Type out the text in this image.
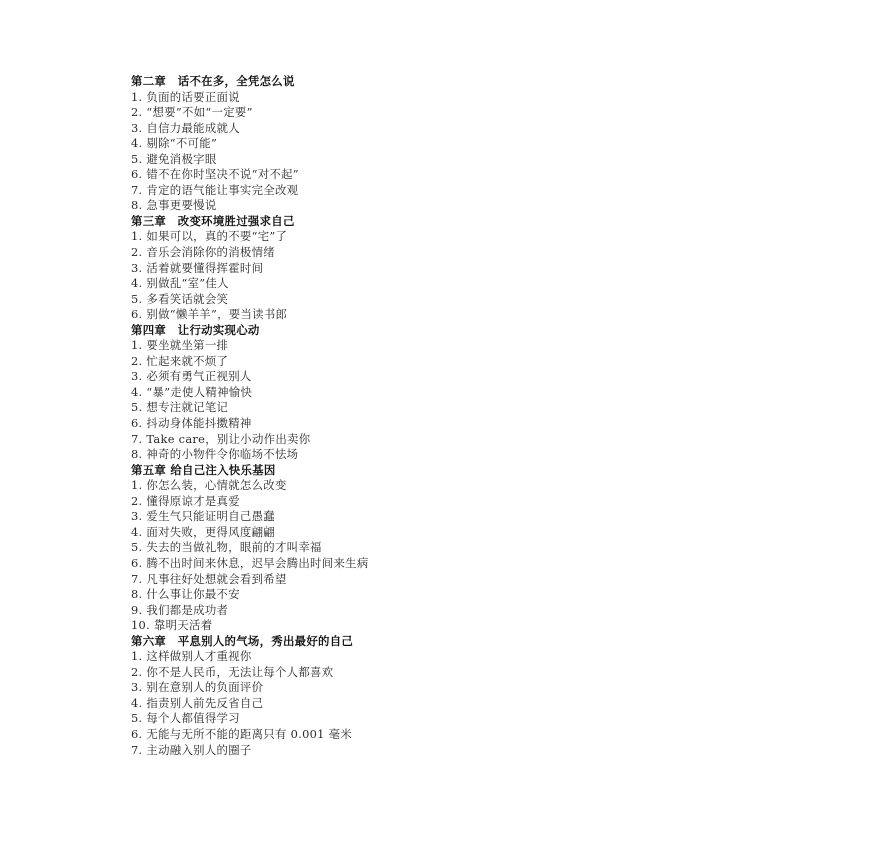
第二章　话不在多，全凭怎么说
1. 负面的话要正面说
2. “想要”不如“一定要”
3. 自信力最能成就人
4. 剔除“不可能”
5. 避免消极字眼
6. 错不在你时坚决不说“对不起”
7. 肯定的语气能让事实完全改观
8. 急事更要慢说
第三章　改变环境胜过强求自己
1. 如果可以，真的不要“宅”了
2. 音乐会消除你的消极情绪
3. 活着就要懂得挥霍时间
4. 别做乱“室”佳人
5. 多看笑话就会笑
6. 别做“懒羊羊”，要当读书郎
第四章　让行动实现心动
1. 要坐就坐第一排
2. 忙起来就不烦了
3. 必须有勇气正视别人
4. “暴”走使人精神愉快
5. 想专注就记笔记
6. 抖动身体能抖擞精神
7. Take care，别让小动作出卖你
8. 神奇的小物件令你临场不怯场
第五章 给自己注入快乐基因
1. 你怎么装，心情就怎么改变
2. 懂得原谅才是真爱
3. 爱生气只能证明自己愚蠢
4. 面对失败，更得风度翩翩
5. 失去的当做礼物，眼前的才叫幸福
6. 腾不出时间来休息，迟早会腾出时间来生病
7. 凡事往好处想就会看到希望
8. 什么事让你最不安
9. 我们都是成功者
10. 靠明天活着
第六章　平息别人的气场，秀出最好的自己
1. 这样做别人才重视你
2. 你不是人民币，无法让每个人都喜欢
3. 别在意别人的负面评价
4. 指责别人前先反省自己
5. 每个人都值得学习
6. 无能与无所不能的距离只有 0.001 毫米
7. 主动融入别人的圈子
